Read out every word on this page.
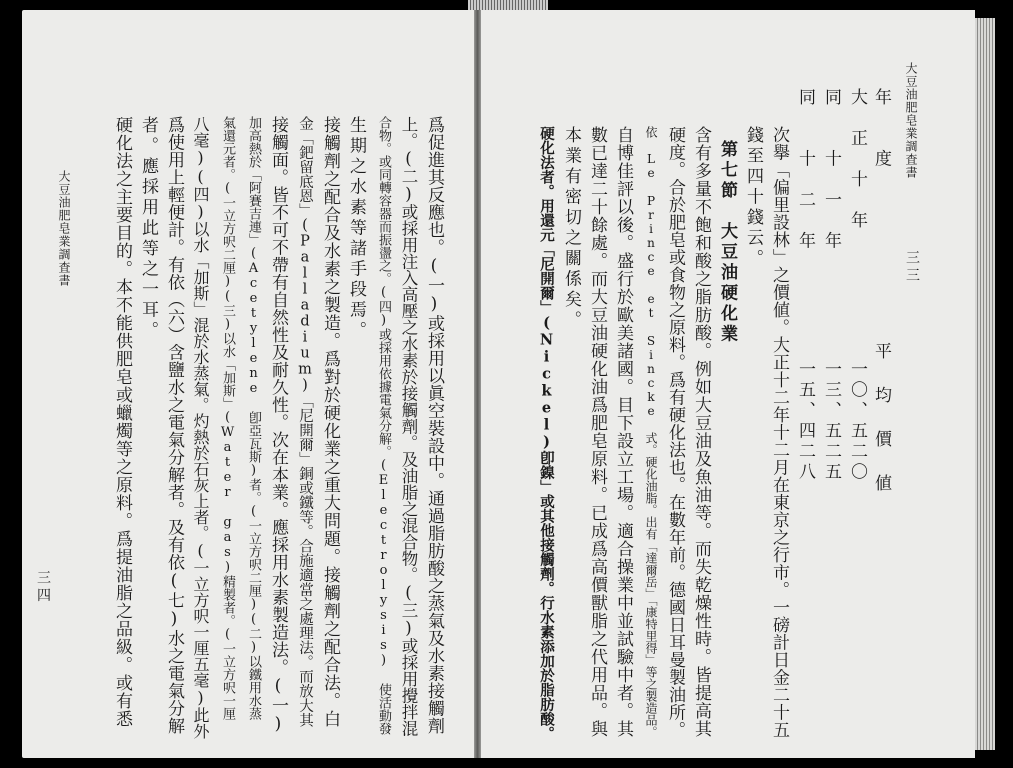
大豆油肥皂業調査書
三三
年　　度
平 均 價 値
大　正　十　年
一〇、五二〇
同　　十　一　年
一三、五二五
同　　十　二　年
一五、四二八
次擧「偏里設林」之價値。大正十二年十二月在東京之行市。一磅計日金二十五
錢至四十錢云。
第七節　大豆油硬化業
含有多量不飽和酸之脂肪酸。例如大豆油及魚油等。而失乾燥性時。皆提高其
硬度。合於肥皂或食物之原料。爲有硬化法也。在數年前。德國日耳曼製油所。
依 Le Prince et Sincke 式。硬化油脂。出有「達爾岳」「康特里得」等之製造品。
自博佳評以後。盛行於歐美諸國。目下設立工場。適合操業中並試驗中者。其
數已達二十餘處。而大豆油硬化油爲肥皂原料。已成爲高價獸脂之代用品。與
本業有密切之關係矣。
硬化法者。用還元「尼開爾」(Nickel)卽鎳」或其他接觸劑。行水素添加於脂肪酸。
爲促進其反應也。(一)或採用以眞空裝設中。通過脂肪酸之蒸氣及水素接觸劑
上。(二)或採用注入高壓之水素於接觸劑。及油脂之混合物。(三)或採用攪拌混
合物。或同轉容器而振盪之。(四)或採用依據電氣分解。(Electrolysis) 使活動發
生期之水素等諸手段焉。
接觸劑之配合及水素之製造。爲對於硬化業之重大問題。接觸劑之配合法。白
金「鈀留底恩」(Palladium)「尼開爾」銅或鐵等。合施適當之處理法。而放大其
接觸面。皆不可不帶有自然性及耐久性。次在本業。應採用水素製造法。(一)
加高熱於「阿賽吉連」(Acetylene 卽亞瓦斯)者。(一立方呎二厘)(二)以鐵用水蒸
氣還元者。(一立方呎二厘)(三)以水「加斯」(Water gas)精製者。(一立方呎一厘
八毫)(四)以水「加斯」混於水蒸氣。灼熱於石灰上者。(一立方呎一厘五毫)此外
爲使用上輕便計。有依（六）含鹽水之電氣分解者。及有依(七)水之電氣分解
者。應採用此等之一耳。
硬化法之主要目的。本不能供肥皂或蠟燭等之原料。爲提油脂之品級。或有悉
大豆油肥皂業調査書
三四
